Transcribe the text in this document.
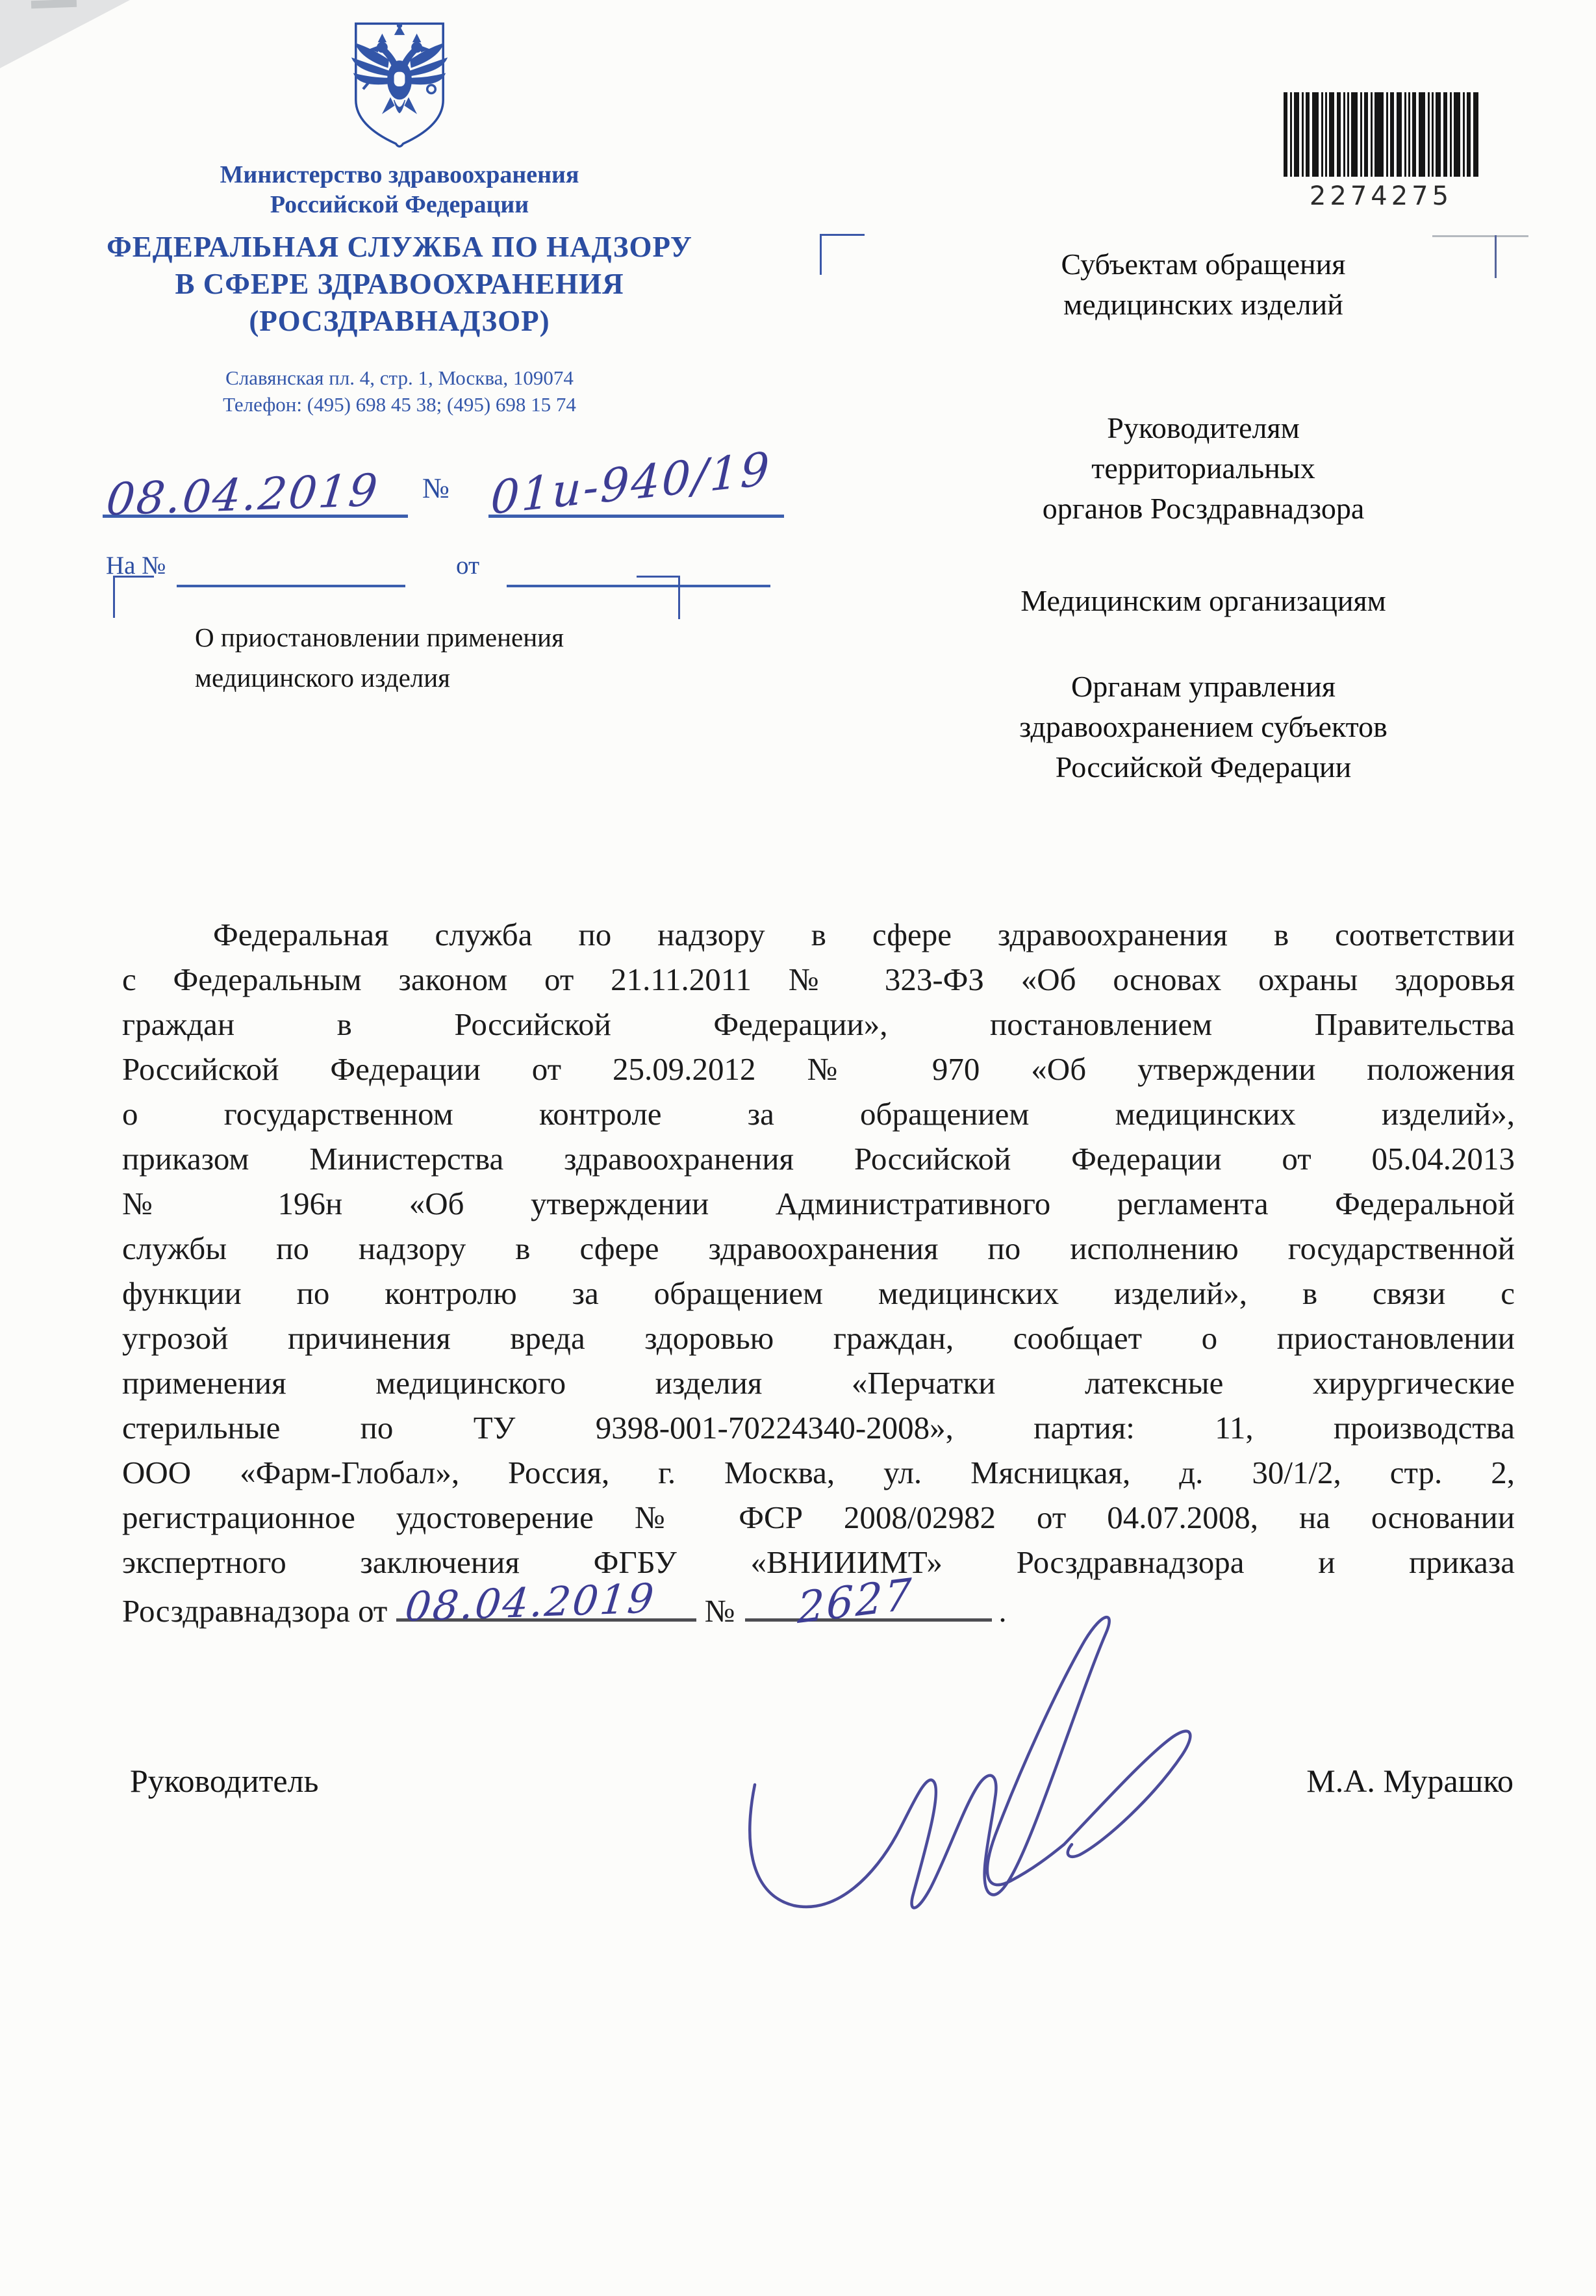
Министерство здравоохранения
Российской Федерации
ФЕДЕРАЛЬНАЯ СЛУЖБА ПО НАДЗОРУ
В СФЕРЕ ЗДРАВООХРАНЕНИЯ
(РОСЗДРАВНАДЗОР)
Славянская пл. 4, стр. 1, Москва, 109074
Телефон: (495) 698 45 38; (495) 698 15 74
08.04.2019 № 01и-940/19
На №	от
2274275
Субъектам обращения
медицинских изделий
Руководителям
территориальных
органов Росздравнадзора
Медицинским организациям
Органам управления
здравоохранением субъектов
Российской Федерации
О приостановлении применения
медицинского изделия
Федеральная служба по надзору в сфере здравоохранения в соответствии
с Федеральным законом от 21.11.2011 № 323-ФЗ «Об основах охраны здоровья
граждан в Российской Федерации», постановлением Правительства
Российской Федерации от 25.09.2012 № 970 «Об утверждении положения
о государственном контроле за обращением медицинских изделий»,
приказом Министерства здравоохранения Российской Федерации от 05.04.2013
№ 196н «Об утверждении Административного регламента Федеральной
службы по надзору в сфере здравоохранения по исполнению государственной
функции по контролю за обращением медицинских изделий», в связи с
угрозой причинения вреда здоровью граждан, сообщает о приостановлении
применения медицинского изделия «Перчатки латексные хирургические
стерильные по ТУ 9398-001-70224340-2008», партия: 11, производства
ООО «Фарм-Глобал», Россия, г. Москва, ул. Мясницкая, д. 30/1/2, стр. 2,
регистрационное удостоверение № ФСР 2008/02982 от 04.07.2008, на основании
экспертного заключения ФГБУ «ВНИИИМТ» Росздравнадзора и приказа
Росздравнадзора от 08.04.2019 № 2627	.
Руководитель	М.А. Мурашко
